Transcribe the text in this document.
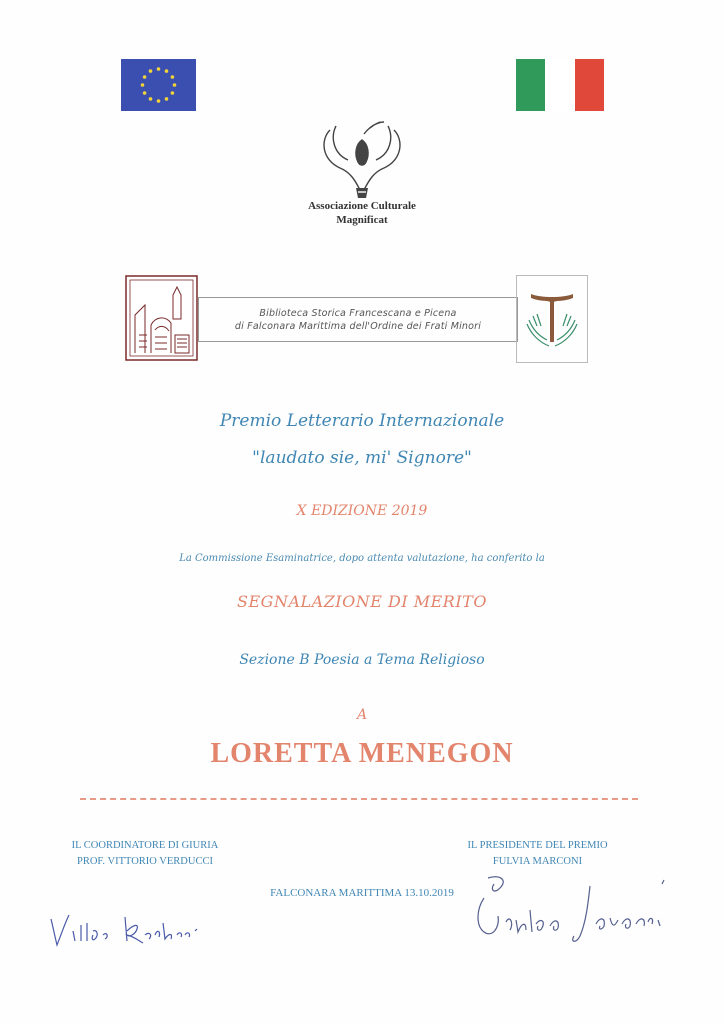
Associazione Culturale
Magnificat
Biblioteca Storica Francescana e Picena
di Falconara Marittima dell'Ordine dei Frati Minori
Premio Letterario Internazionale
"laudato sie, mi' Signore"
X EDIZIONE 2019
La Commissione Esaminatrice, dopo attenta valutazione, ha conferito la
SEGNALAZIONE DI MERITO
Sezione B Poesia a Tema Religioso
A
LORETTA MENEGON
IL COORDINATORE DI GIURIA
PROF. VITTORIO VERDUCCI
IL PRESIDENTE DEL PREMIO
FULVIA MARCONI
FALCONARA MARITTIMA 13.10.2019
